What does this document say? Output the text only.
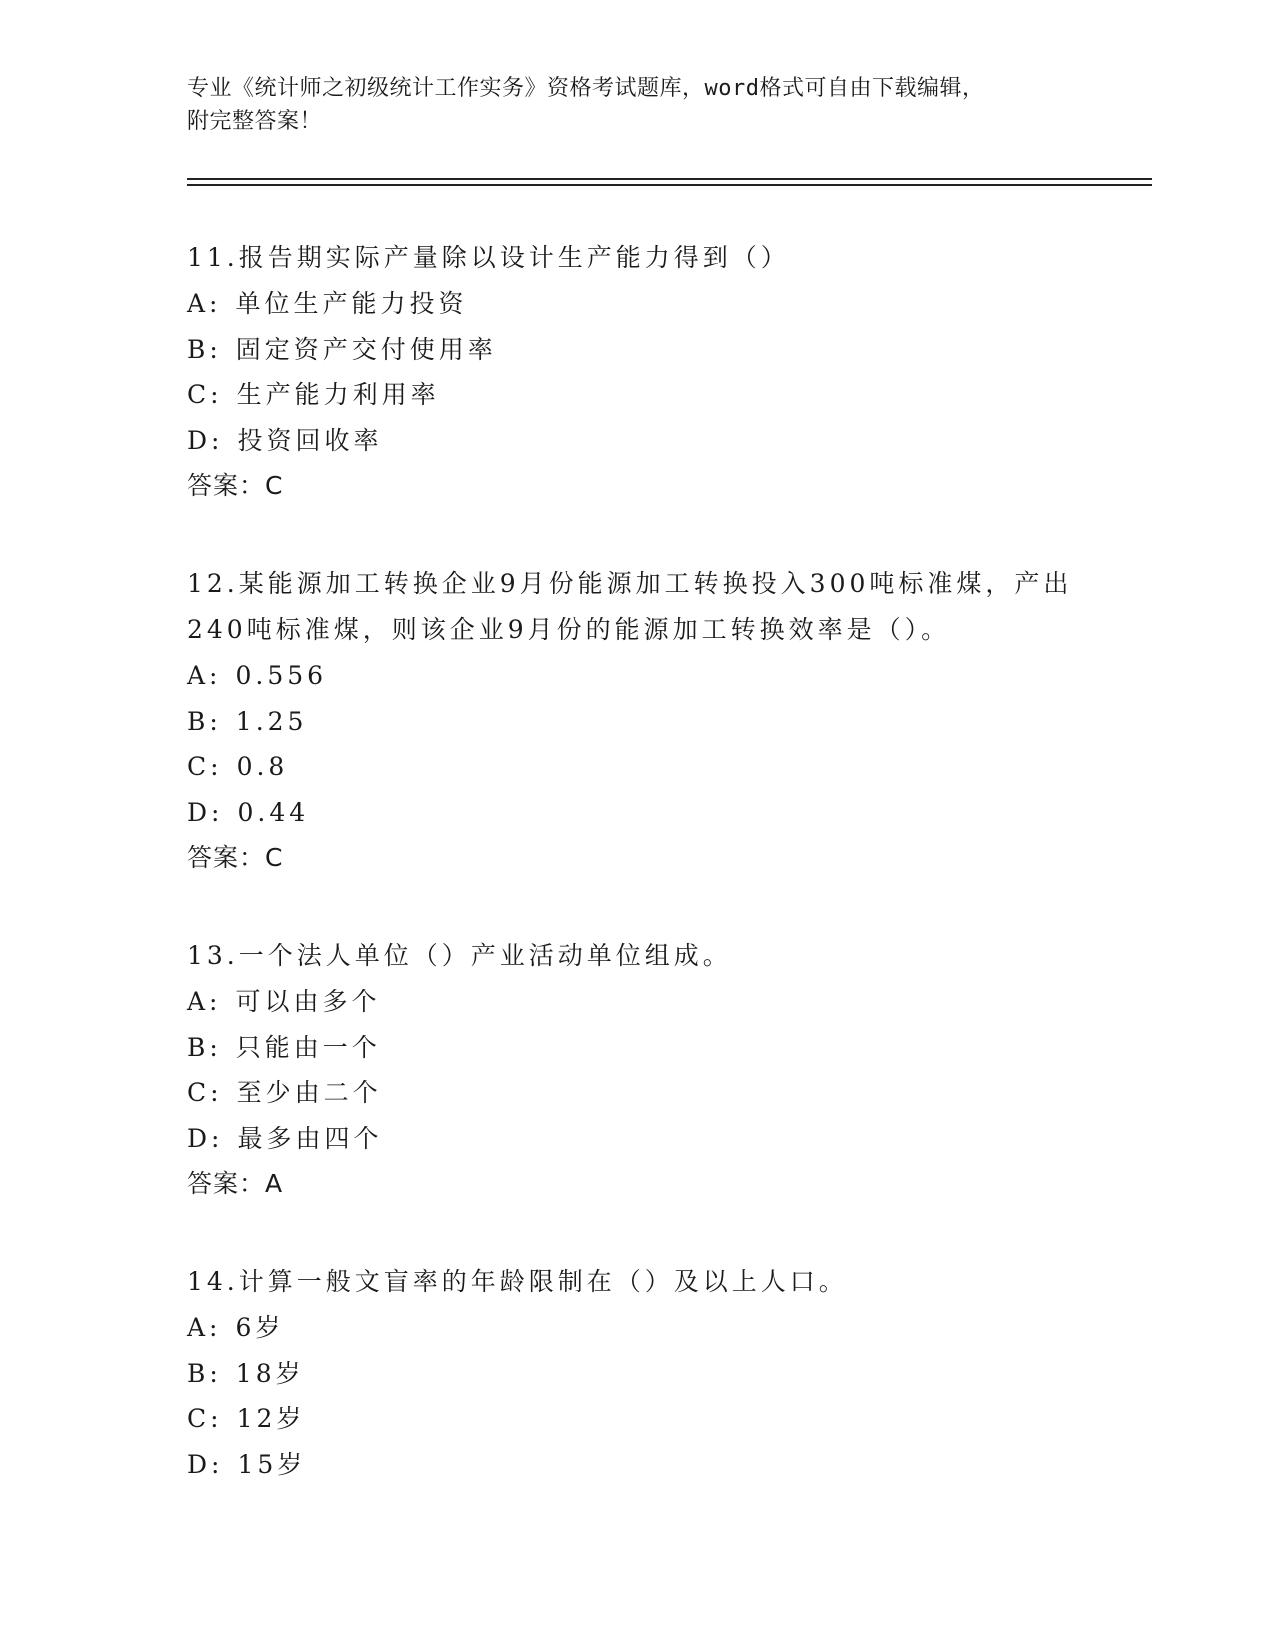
专业《统计师之初级统计工作实务》资格考试题库，word格式可自由下载编辑，
附完整答案！
11.报告期实际产量除以设计生产能力得到（）
A: 单位生产能力投资
B: 固定资产交付使用率
C: 生产能力利用率
D: 投资回收率
答案：C
12.某能源加工转换企业9月份能源加工转换投入300吨标准煤，产出240吨标准煤，则该企业9月份的能源加工转换效率是（）。
A: 0.556
B: 1.25
C: 0.8
D: 0.44
答案：C
13.一个法人单位（）产业活动单位组成。
A: 可以由多个
B: 只能由一个
C: 至少由二个
D: 最多由四个
答案：A
14.计算一般文盲率的年龄限制在（）及以上人口。
A: 6岁
B: 18岁
C: 12岁
D: 15岁
